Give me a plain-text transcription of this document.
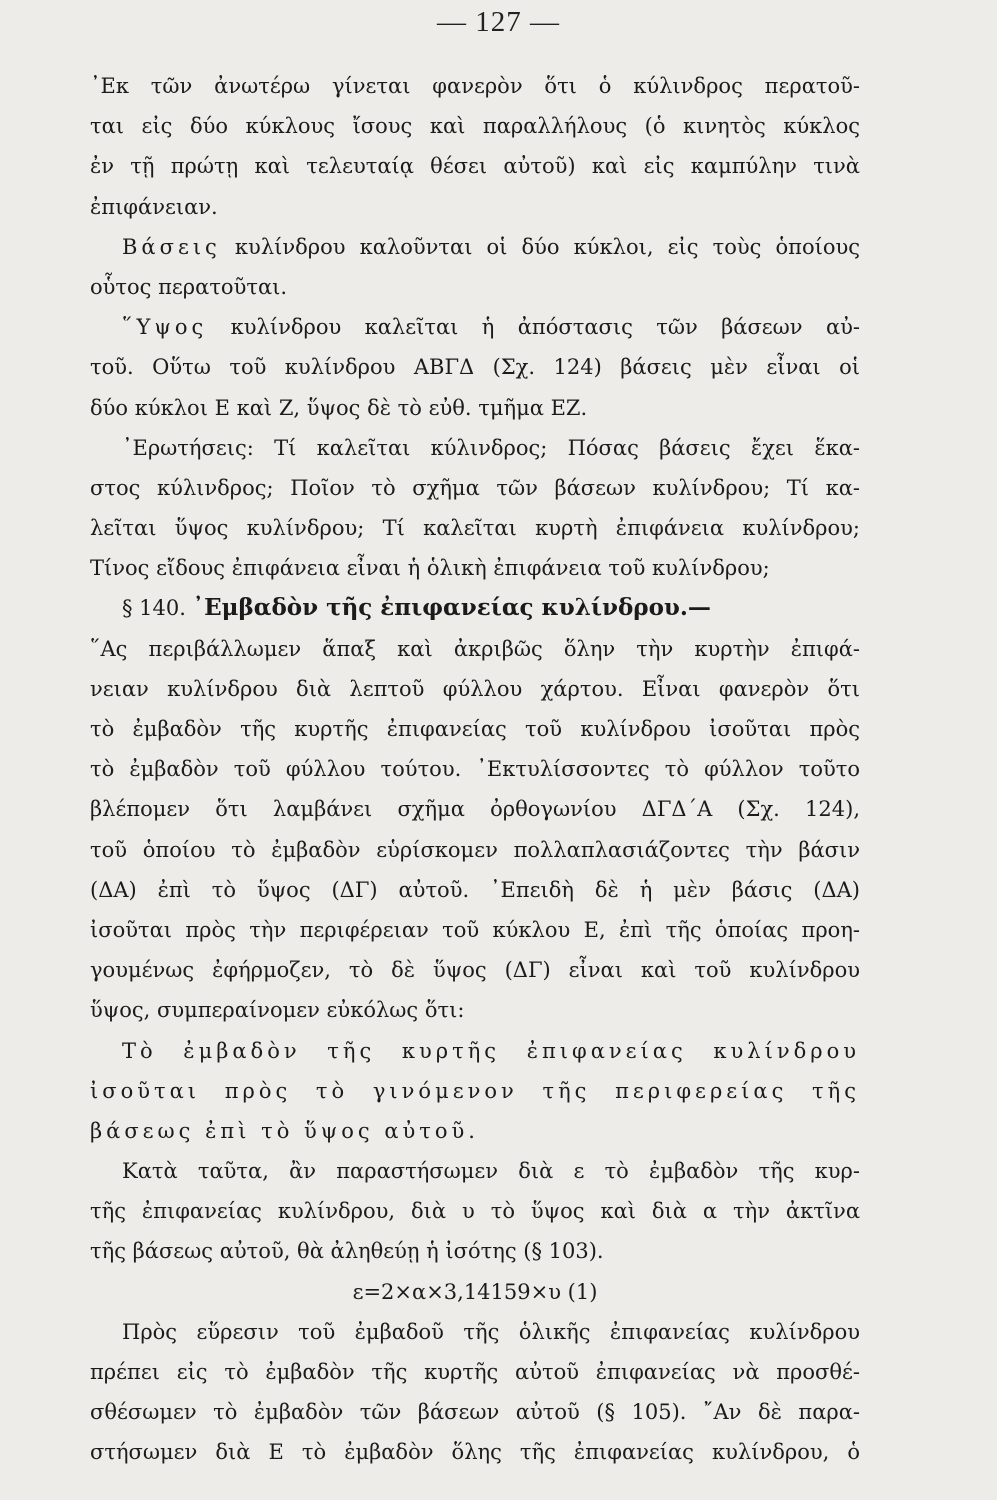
— 127 —
᾿Εκ τῶν ἀνωτέρω γίνεται φανερὸν ὅτι ὁ κύλινδρος περατοῦ-
ται εἰς δύο κύκλους ἴσους καὶ παραλλήλους (ὁ κινητὸς κύκλος
ἐν τῇ πρώτῃ καὶ τελευταίᾳ θέσει αὐτοῦ) καὶ εἰς καμπύλην τινὰ
ἐπιφάνειαν.
Βάσεις κυλίνδρου καλοῦνται οἱ δύο κύκλοι, εἰς τοὺς ὁποίους
οὗτος περατοῦται.
῞Υψος κυλίνδρου καλεῖται ἡ ἀπόστασις τῶν βάσεων αὐ-
τοῦ. Οὕτω τοῦ κυλίνδρου ΑΒΓΔ (Σχ. 124) βάσεις μὲν εἶναι οἱ
δύο κύκλοι Ε καὶ Ζ, ὕψος δὲ τὸ εὐθ. τμῆμα ΕΖ.
᾿Ερωτήσεις: Τί καλεῖται κύλινδρος; Πόσας βάσεις ἔχει ἕκα-
στος κύλινδρος; Ποῖον τὸ σχῆμα τῶν βάσεων κυλίνδρου; Τί κα-
λεῖται ὕψος κυλίνδρου; Τί καλεῖται κυρτὴ ἐπιφάνεια κυλίνδρου;
Τίνος εἴδους ἐπιφάνεια εἶναι ἡ ὁλικὴ ἐπιφάνεια τοῦ κυλίνδρου;
§ 140. ᾿Εμβαδὸν τῆς ἐπιφανείας κυλίνδρου.—
῞Ας περιβάλλωμεν ἅπαξ καὶ ἀκριβῶς ὅλην τὴν κυρτὴν ἐπιφά-
νειαν κυλίνδρου διὰ λεπτοῦ φύλλου χάρτου. Εἶναι φανερὸν ὅτι
τὸ ἐμβαδὸν τῆς κυρτῆς ἐπιφανείας τοῦ κυλίνδρου ἰσοῦται πρὸς
τὸ ἐμβαδὸν τοῦ φύλλου τούτου. ᾿Εκτυλίσσοντες τὸ φύλλον τοῦτο
βλέπομεν ὅτι λαμβάνει σχῆμα ὀρθογωνίου ΔΓΔ΄Α (Σχ. 124),
τοῦ ὁποίου τὸ ἐμβαδὸν εὑρίσκομεν πολλαπλασιάζοντες τὴν βάσιν
(ΔΑ) ἐπὶ τὸ ὕψος (ΔΓ) αὐτοῦ. ᾿Επειδὴ δὲ ἡ μὲν βάσις (ΔΑ)
ἰσοῦται πρὸς τὴν περιφέρειαν τοῦ κύκλου Ε, ἐπὶ τῆς ὁποίας προη-
γουμένως ἐφήρμοζεν, τὸ δὲ ὕψος (ΔΓ) εἶναι καὶ τοῦ κυλίνδρου
ὕψος, συμπεραίνομεν εὐκόλως ὅτι:
Τὸ ἐμβαδὸν τῆς κυρτῆς ἐπιφανείας κυλίνδρου
ἰσοῦται πρὸς τὸ γινόμενον τῆς περιφερείας τῆς
βάσεως ἐπὶ τὸ ὕψος αὐτοῦ.
Κατὰ ταῦτα, ἂν παραστήσωμεν διὰ ε τὸ ἐμβαδὸν τῆς κυρ-
τῆς ἐπιφανείας κυλίνδρου, διὰ υ τὸ ὕψος καὶ διὰ α τὴν ἀκτῖνα
τῆς βάσεως αὐτοῦ, θὰ ἀληθεύῃ ἡ ἰσότης (§ 103).
ε=2×α×3,14159×υ (1)
Πρὸς εὕρεσιν τοῦ ἐμβαδοῦ τῆς ὁλικῆς ἐπιφανείας κυλίνδρου
πρέπει εἰς τὸ ἐμβαδὸν τῆς κυρτῆς αὐτοῦ ἐπιφανείας νὰ προσθέ-
σθέσωμεν τὸ ἐμβαδὸν τῶν βάσεων αὐτοῦ (§ 105). ῎Αν δὲ παρα-
στήσωμεν διὰ Ε τὸ ἐμβαδὸν ὅλης τῆς ἐπιφανείας κυλίνδρου, ὁ
